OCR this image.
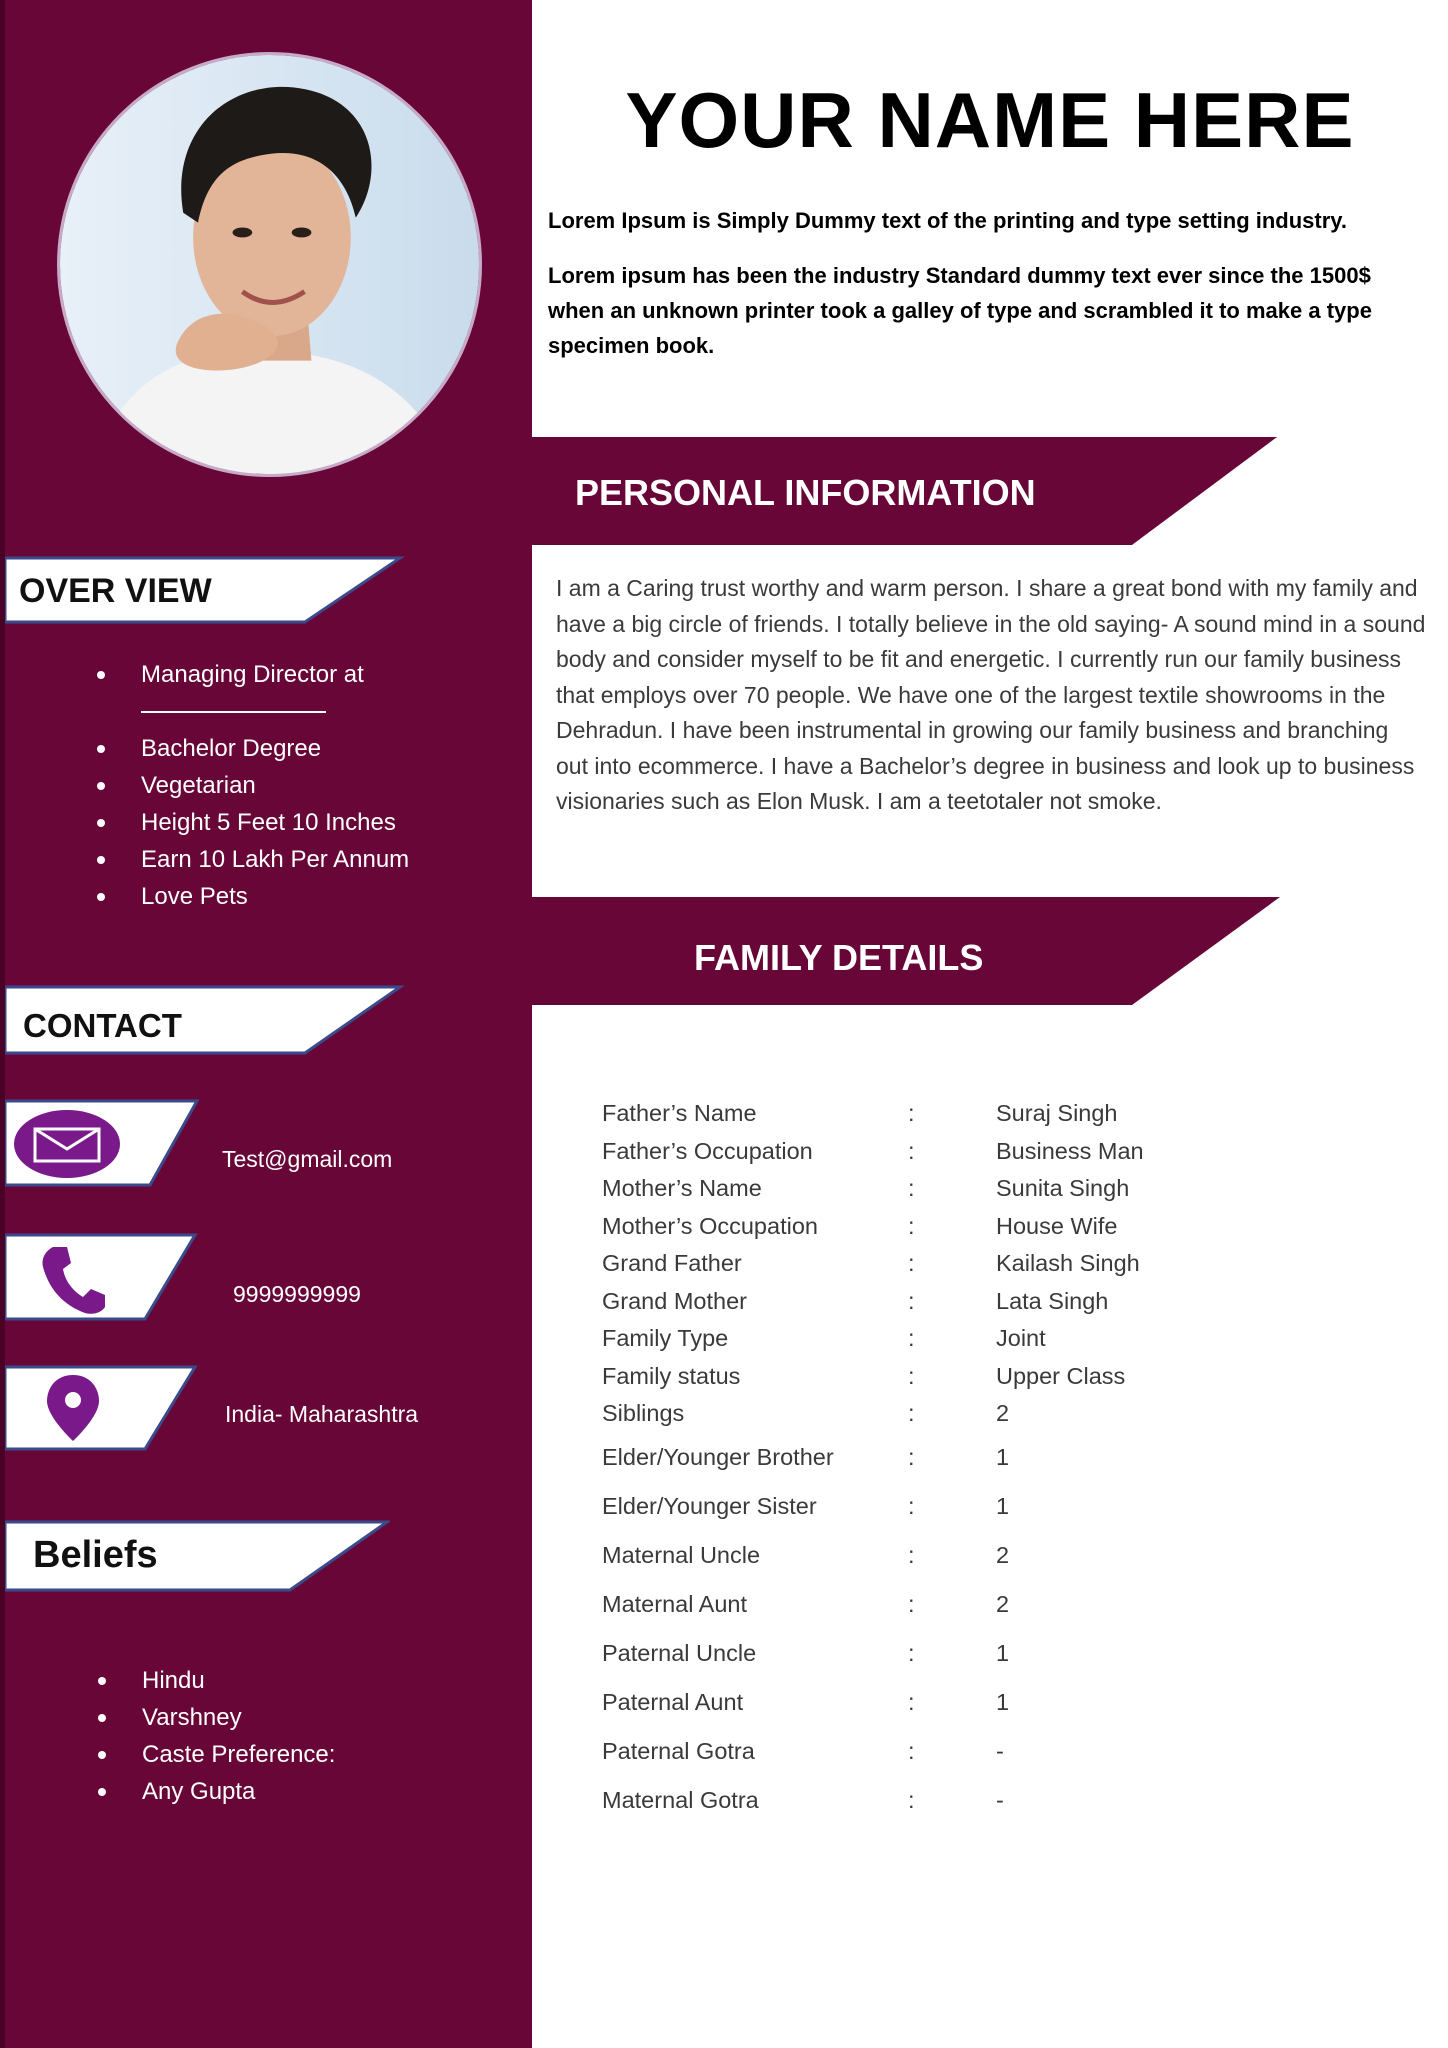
OVER VIEW
Managing Director at
Bachelor Degree
Vegetarian
Height 5 Feet 10 Inches
Earn 10 Lakh Per Annum
Love Pets
CONTACT
Test@gmail.com
9999999999
India- Maharashtra
Beliefs
Hindu
Varshney
Caste Preference:
Any Gupta
YOUR NAME HERE

Lorem Ipsum is Simply Dummy text of the printing and type setting industry.

Lorem ipsum has been the industry Standard dummy text ever since the 1500$ when an unknown printer took a galley of type and scrambled it to make a type specimen book.

PERSONAL INFORMATION

I am a Caring trust worthy and warm person. I share a great bond with my family and have a big circle of friends. I totally believe in the old saying- A sound mind in a sound body and consider myself to be fit and energetic. I currently run our family business that employs over 70 people. We have one of the largest textile showrooms in the Dehradun. I have been instrumental in growing our family business and branching out into ecommerce. I have a Bachelor’s degree in business and look up to business visionaries such as Elon Musk. I am a teetotaler not smoke.

FAMILY DETAILS
Father’s Name	:	Suraj Singh
Father’s Occupation	:	Business Man
Mother’s Name	:	Sunita Singh
Mother’s Occupation	:	House Wife
Grand Father	:	Kailash Singh
Grand Mother	:	Lata Singh
Family Type	:	Joint
Family status	:	Upper Class
Siblings	:	2
Elder/Younger Brother	:	1
Elder/Younger Sister	:	1
Maternal Uncle	:	2
Maternal Aunt	:	2
Paternal Uncle	:	1
Paternal Aunt	:	1
Paternal Gotra	:	-
Maternal Gotra	:	-
